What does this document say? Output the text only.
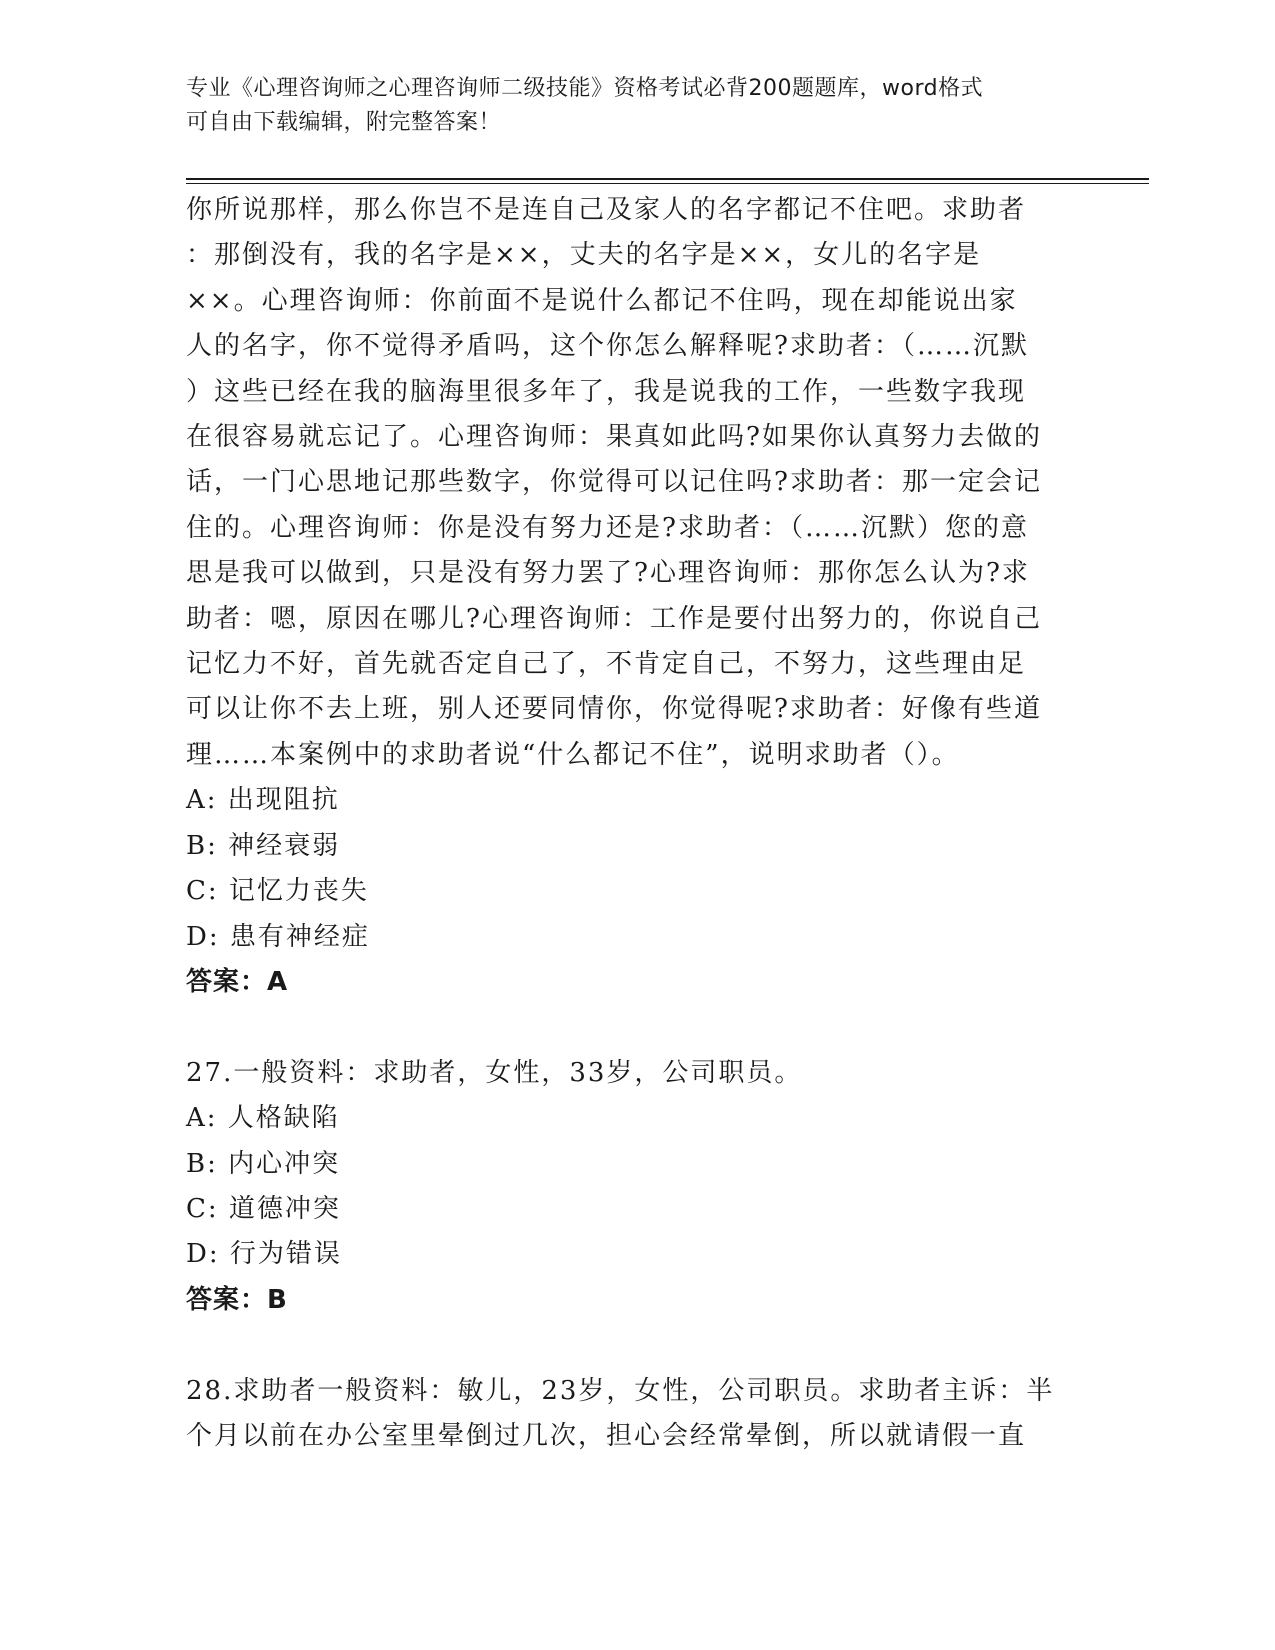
专业《心理咨询师之心理咨询师二级技能》资格考试必背200题题库，word格式
可自由下载编辑，附完整答案！
你所说那样，那么你岂不是连自己及家人的名字都记不住吧。求助者
：那倒没有，我的名字是××，丈夫的名字是××，女儿的名字是
××。心理咨询师：你前面不是说什么都记不住吗，现在却能说出家
人的名字，你不觉得矛盾吗，这个你怎么解释呢?求助者：（……沉默
）这些已经在我的脑海里很多年了，我是说我的工作，一些数字我现
在很容易就忘记了。心理咨询师：果真如此吗?如果你认真努力去做的
话，一门心思地记那些数字，你觉得可以记住吗?求助者：那一定会记
住的。心理咨询师：你是没有努力还是?求助者：（……沉默）您的意
思是我可以做到，只是没有努力罢了?心理咨询师：那你怎么认为?求
助者：嗯，原因在哪儿?心理咨询师：工作是要付出努力的，你说自己
记忆力不好，首先就否定自己了，不肯定自己，不努力，这些理由足
可以让你不去上班，别人还要同情你，你觉得呢?求助者：好像有些道
理……本案例中的求助者说“什么都记不住”，说明求助者（）。
A: 出现阻抗
B: 神经衰弱
C: 记忆力丧失
D: 患有神经症
答案：A
27.一般资料：求助者，女性，33岁，公司职员。
A: 人格缺陷
B: 内心冲突
C: 道德冲突
D: 行为错误
答案：B
28.求助者一般资料：敏儿，23岁，女性，公司职员。求助者主诉：半
个月以前在办公室里晕倒过几次，担心会经常晕倒，所以就请假一直
